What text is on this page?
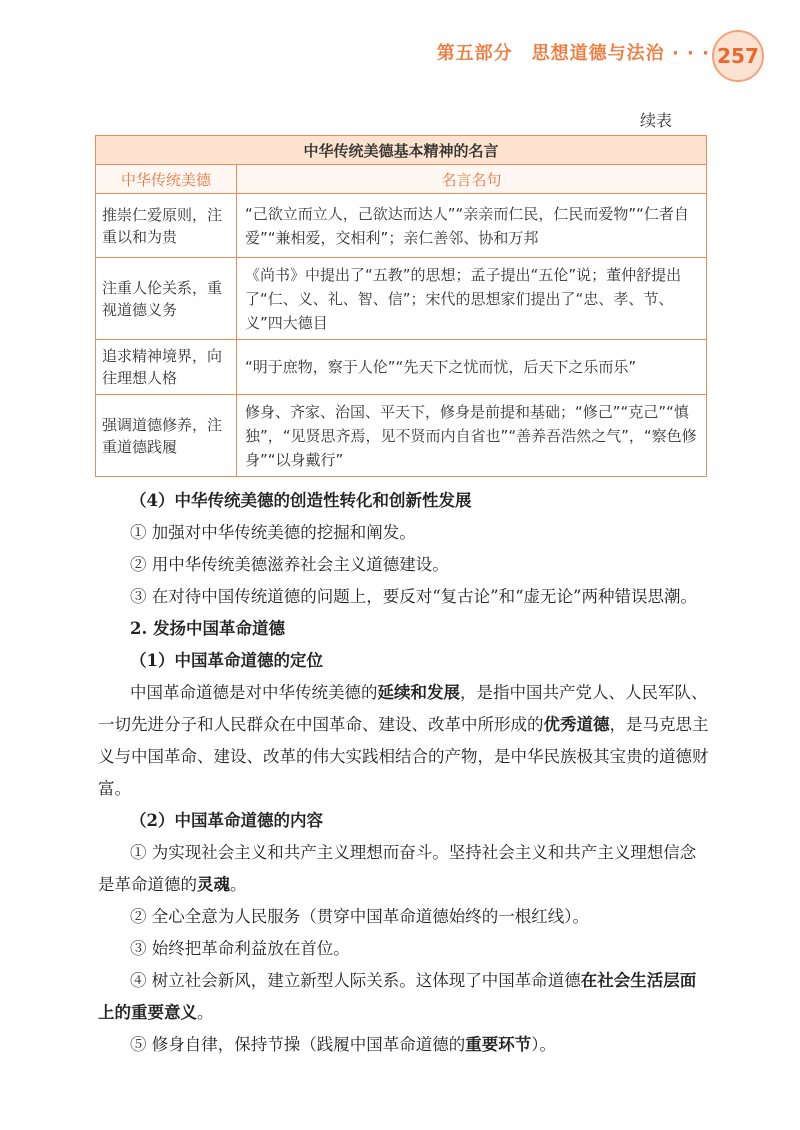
第五部分　思想道德与法治 · · · 257
续表
中华传统美德基本精神的名言	
中华传统美德	名言名句
推崇仁爱原则，注重以和为贵	“己欲立而立人，己欲达而达人”“亲亲而仁民，仁民而爱物”“仁者自爱”“兼相爱，交相利”；亲仁善邻、协和万邦
注重人伦关系，重视道德义务	《尚书》中提出了“五教”的思想；孟子提出“五伦”说；董仲舒提出了“仁、义、礼、智、信”；宋代的思想家们提出了“忠、孝、节、义”四大德目
追求精神境界，向往理想人格	“明于庶物，察于人伦”“先天下之忧而忧，后天下之乐而乐”
强调道德修养，注重道德践履	修身、齐家、治国、平天下，修身是前提和基础；“修己”“克己”“慎独”，“见贤思齐焉，见不贤而内自省也”“善养吾浩然之气”，“察色修身”“以身戴行”

（4）中华传统美德的创造性转化和创新性发展

① 加强对中华传统美德的挖掘和阐发。

② 用中华传统美德滋养社会主义道德建设。

③ 在对待中国传统道德的问题上，要反对“复古论”和“虚无论”两种错误思潮。

2. 发扬中国革命道德

（1）中国革命道德的定位

中国革命道德是对中华传统美德的延续和发展，是指中国共产党人、人民军队、一切先进分子和人民群众在中国革命、建设、改革中所形成的优秀道德，是马克思主义与中国革命、建设、改革的伟大实践相结合的产物，是中华民族极其宝贵的道德财富。

（2）中国革命道德的内容

① 为实现社会主义和共产主义理想而奋斗。坚持社会主义和共产主义理想信念是革命道德的灵魂。

② 全心全意为人民服务（贯穿中国革命道德始终的一根红线）。

③ 始终把革命利益放在首位。

④ 树立社会新风，建立新型人际关系。这体现了中国革命道德在社会生活层面上的重要意义。

⑤ 修身自律，保持节操（践履中国革命道德的重要环节）。
